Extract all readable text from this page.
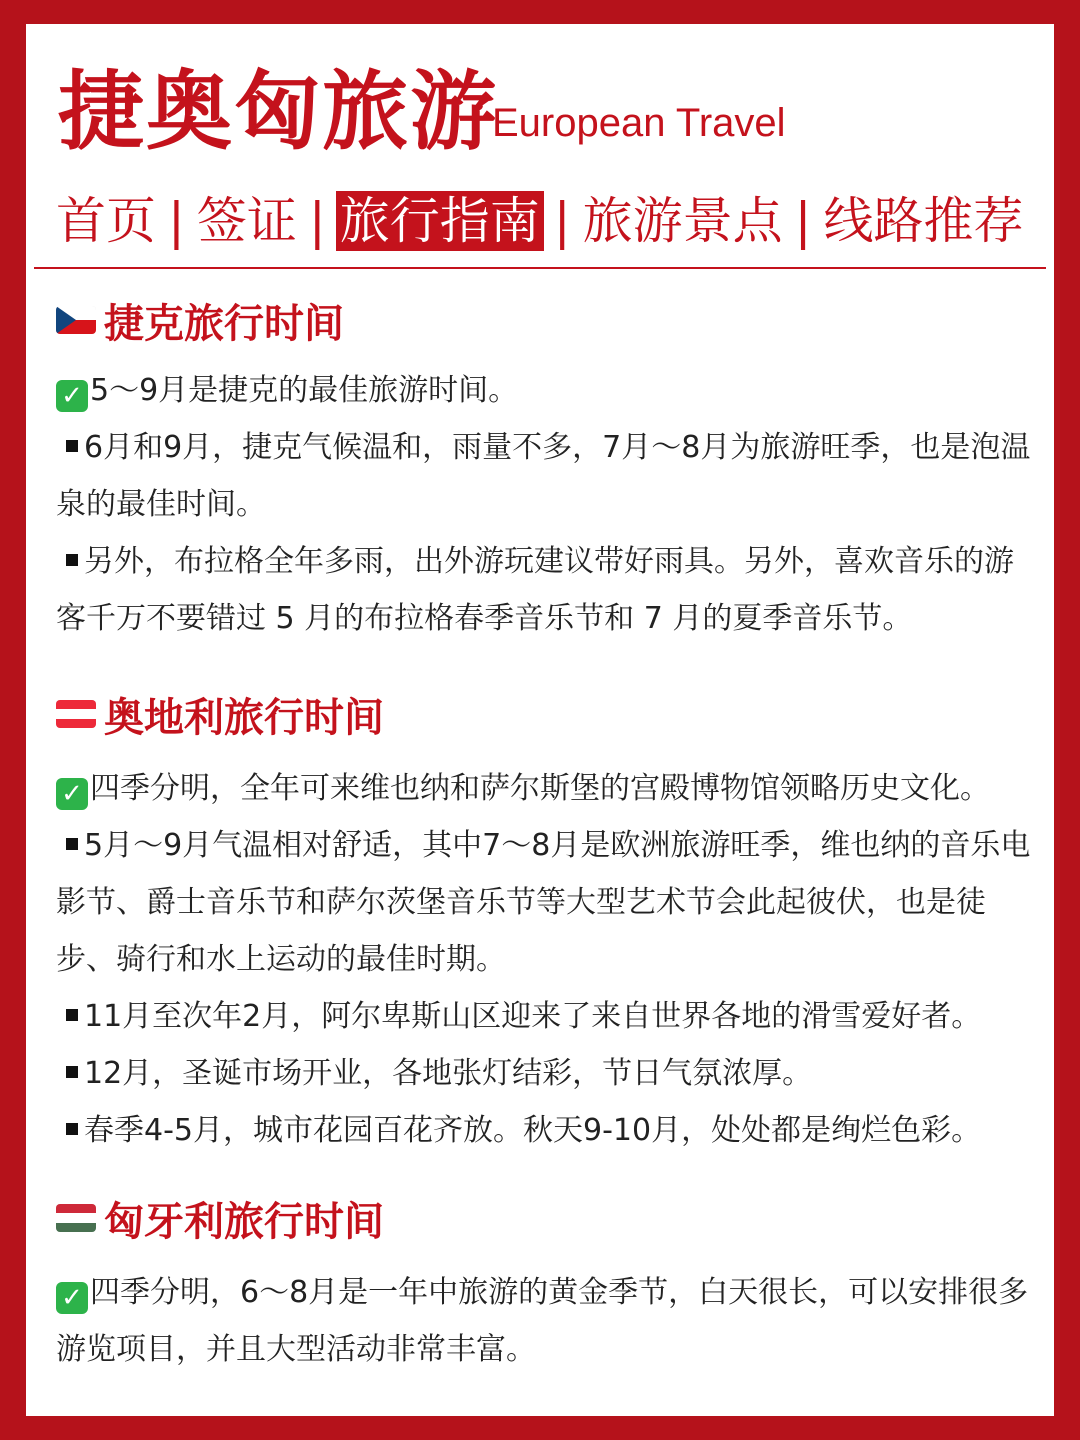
捷奥匈旅游
European Travel
首页 | 签证 | 旅行指南 | 旅游景点 | 线路推荐
捷克旅行时间

✓ 5～9月是捷克的最佳旅游时间。

6月和9月，捷克气候温和，雨量不多，7月～8月为旅游旺季，也是泡温泉的最佳时间。

另外，布拉格全年多雨，出外游玩建议带好雨具。另外，喜欢音乐的游客千万不要错过 5 月的布拉格春季音乐节和 7 月的夏季音乐节。

奥地利旅行时间

✓ 四季分明，全年可来维也纳和萨尔斯堡的宫殿博物馆领略历史文化。

5月～9月气温相对舒适，其中7～8月是欧洲旅游旺季，维也纳的音乐电影节、爵士音乐节和萨尔茨堡音乐节等大型艺术节会此起彼伏，也是徒步、骑行和水上运动的最佳时期。

11月至次年2月，阿尔卑斯山区迎来了来自世界各地的滑雪爱好者。

12月，圣诞市场开业，各地张灯结彩，节日气氛浓厚。

春季4-5月，城市花园百花齐放。秋天9-10月，处处都是绚烂色彩。

匈牙利旅行时间

✓ 四季分明，6～8月是一年中旅游的黄金季节，白天很长，可以安排很多游览项目，并且大型活动非常丰富。
